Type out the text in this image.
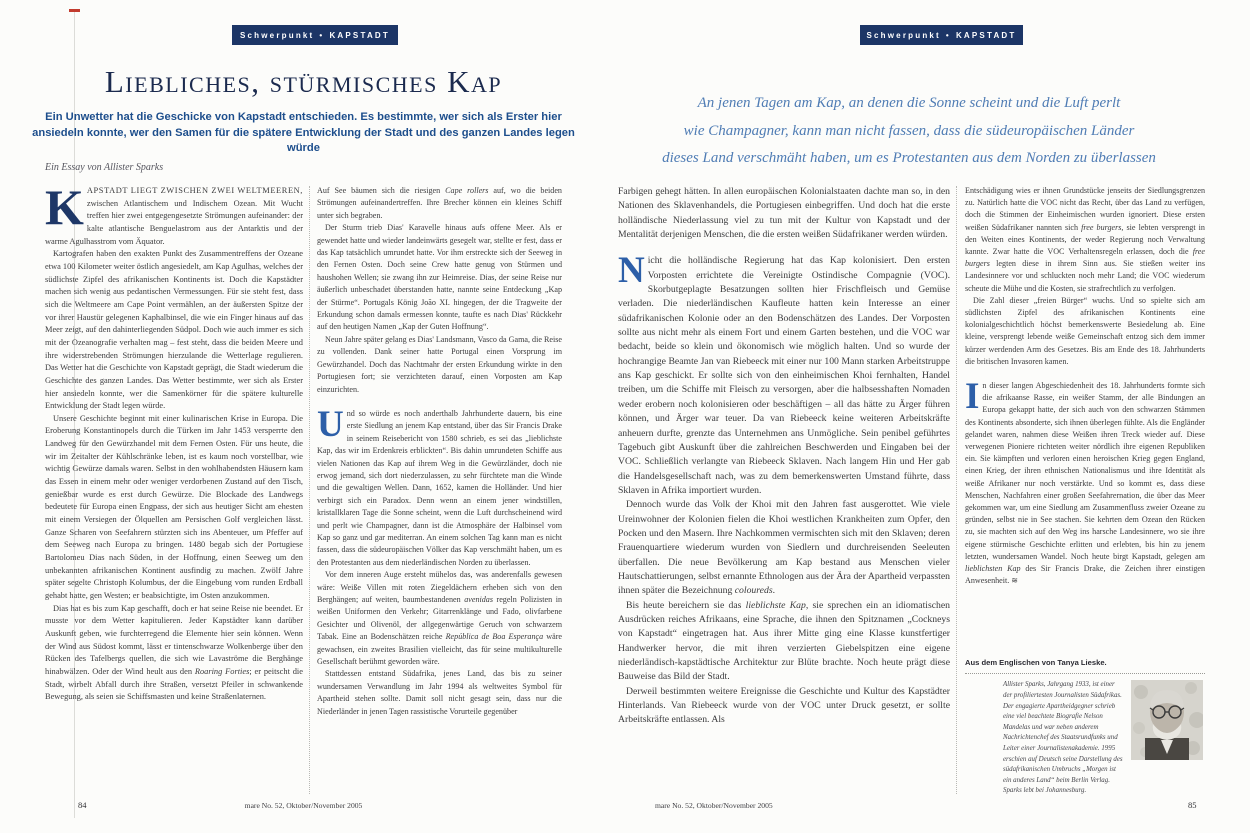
Schwerpunkt • KAPSTADT	Schwerpunkt • KAPSTADT
Liebliches, stürmisches Kap
Ein Unwetter hat die Geschicke von Kapstadt entschieden. Es bestimmte, wer sich als Erster hier
ansiedeln konnte, wer den Samen für die spätere Entwicklung der Stadt und des ganzen Landes legen
würde
Ein Essay von Allister Sparks
An jenen Tagen am Kap, an denen die Sonne scheint und die Luft perlt
wie Champagner, kann man nicht fassen, dass die südeuropäischen Länder
dieses Land verschmäht haben, um es Protestanten aus dem Norden zu überlassen

KAPSTADT LIEGT ZWISCHEN ZWEI WELTMEEREN, zwischen Atlantischem und Indischem Ozean. Mit Wucht treffen hier zwei entgegengesetzte Strömungen aufeinander: der kalte atlantische Benguelastrom aus der Antarktis und der warme Agulhasstrom vom Äquator.

Kartografen haben den exakten Punkt des Zusammentreffens der Ozeane etwa 100 Kilometer weiter östlich angesiedelt, am Kap Agulhas, welches der südlichste Zipfel des afrikanischen Kontinents ist. Doch die Kapstädter machen sich wenig aus pedantischen Vermessungen. Für sie steht fest, dass sich die Weltmeere am Cape Point vermählen, an der äußersten Spitze der vor ihrer Haustür gelegenen Kaphalbinsel, die wie ein Finger hinaus auf das Meer zeigt, auf den dahinterliegenden Südpol. Doch wie auch immer es sich mit der Ozeanografie verhalten mag – fest steht, dass die beiden Meere und ihre widerstrebenden Strömungen hierzulande die Wetterlage regulieren. Das Wetter hat die Geschichte von Kapstadt geprägt, die Stadt wiederum die Geschichte des ganzen Landes. Das Wetter bestimmte, wer sich als Erster hier ansiedeln konnte, wer die Samenkörner für die spätere kulturelle Entwicklung der Stadt legen würde.

Unsere Geschichte beginnt mit einer kulinarischen Krise in Europa. Die Eroberung Konstantinopels durch die Türken im Jahr 1453 versperrte den Landweg für den Gewürzhandel mit dem Fernen Osten. Für uns heute, die wir im Zeitalter der Kühlschränke leben, ist es kaum noch vorstellbar, wie wichtig Gewürze damals waren. Selbst in den wohlhabendsten Häusern kam das Essen in einem mehr oder weniger verdorbenen Zustand auf den Tisch, genießbar wurde es erst durch Gewürze. Die Blockade des Landwegs bedeutete für Europa einen Engpass, der sich aus heutiger Sicht am ehesten mit einem Versiegen der Ölquellen am Persischen Golf vergleichen lässt. Ganze Scharen von Seefahrern stürzten sich ins Abenteuer, um Pfeffer auf dem Seeweg nach Europa zu bringen. 1480 begab sich der Portugiese Bartolomeu Dias nach Süden, in der Hoffnung, einen Seeweg um den unbekannten afrikanischen Kontinent ausfindig zu machen. Zwölf Jahre später segelte Christoph Kolumbus, der die Eingebung vom runden Erdball gehabt hatte, gen Westen; er beabsichtigte, im Osten anzukommen.

Dias hat es bis zum Kap geschafft, doch er hat seine Reise nie beendet. Er musste vor dem Wetter kapitulieren. Jeder Kapstädter kann darüber Auskunft geben, wie furchterregend die Elemente hier sein können. Wenn der Wind aus Südost kommt, lässt er tintenschwarze Wolkenberge über den Rücken des Tafelbergs quellen, die sich wie Lavaströme die Berghänge hinabwälzen. Oder der Wind heult aus den Roaring Forties; er peitscht die Stadt, wirbelt Abfall durch ihre Straßen, versetzt Pfeiler in schwankende Bewegung, als seien sie Schiffsmasten und keine Straßenlaternen.

Auf See bäumen sich die riesigen Cape rollers auf, wo die beiden Strömungen aufeinandertreffen. Ihre Brecher können ein kleines Schiff unter sich begraben.

Der Sturm trieb Dias' Karavelle hinaus aufs offene Meer. Als er gewendet hatte und wieder landeinwärts gesegelt war, stellte er fest, dass er das Kap tatsächlich umrundet hatte. Vor ihm erstreckte sich der Seeweg in den Fernen Osten. Doch seine Crew hatte genug von Stürmen und haushohen Wellen; sie zwang ihn zur Heimreise. Dias, der seine Reise nur äußerlich unbeschadet überstanden hatte, nannte seine Entdeckung „Kap der Stürme“. Portugals König João XI. hingegen, der die Tragweite der Erkundung schon damals ermessen konnte, taufte es nach Dias' Rückkehr auf den heutigen Namen „Kap der Guten Hoffnung“.

Neun Jahre später gelang es Dias' Landsmann, Vasco da Gama, die Reise zu vollenden. Dank seiner hatte Portugal einen Vorsprung im Gewürzhandel. Doch das Nachtmahr der ersten Erkundung wirkte in den Portugiesen fort; sie verzichteten darauf, einen Vorposten am Kap einzurichten.

Und so würde es noch anderthalb Jahrhunderte dauern, bis eine erste Siedlung an jenem Kap entstand, über das Sir Francis Drake in seinem Reisebericht von 1580 schrieb, es sei das „lieblichste Kap, das wir im Erdenkreis erblickten“. Bis dahin umrundeten Schiffe aus vielen Nationen das Kap auf ihrem Weg in die Gewürzländer, doch nie erwog jemand, sich dort niederzulassen, zu sehr fürchtete man die Winde und die gewaltigen Wellen. Dann, 1652, kamen die Holländer. Und hier verbirgt sich ein Paradox. Denn wenn an einem jener windstillen, kristallklaren Tage die Sonne scheint, wenn die Luft durchscheinend wird und perlt wie Champagner, dann ist die Atmosphäre der Halbinsel vom Kap so ganz und gar mediterran. An einem solchen Tag kann man es nicht fassen, dass die südeuropäischen Völker das Kap verschmäht haben, um es den Protestanten aus dem niederländischen Norden zu überlassen.

Vor dem inneren Auge ersteht mühelos das, was anderenfalls gewesen wäre: Weiße Villen mit roten Ziegeldächern erheben sich von den Berghängen; auf weiten, baumbestandenen avenidas regeln Polizisten in weißen Uniformen den Verkehr; Gitarrenklänge und Fado, olivfarbene Gesichter und Olivenöl, der allgegenwärtige Geruch von schwarzem Tabak. Eine an Bodenschätzen reiche República de Boa Esperança wäre gewachsen, ein zweites Brasilien vielleicht, das für seine multikulturelle Gesellschaft berühmt geworden wäre.

Stattdessen entstand Südafrika, jenes Land, das bis zu seiner wundersamen Verwandlung im Jahr 1994 als weltweites Symbol für Apartheid stehen sollte. Damit soll nicht gesagt sein, dass nur die Niederländer in jenen Tagen rassistische Vorurteile gegenüber

Farbigen gehegt hätten. In allen europäischen Kolonialstaaten dachte man so, in den Nationen des Sklavenhandels, die Portugiesen einbegriffen. Und doch hat die erste holländische Niederlassung viel zu tun mit der Kultur von Kapstadt und der Mentalität derjenigen Menschen, die die ersten weißen Südafrikaner werden würden.

Nicht die holländische Regierung hat das Kap kolonisiert. Den ersten Vorposten errichtete die Vereinigte Ostindische Compagnie (VOC). Skorbutgeplagte Besatzungen sollten hier Frischfleisch und Gemüse verladen. Die niederländischen Kaufleute hatten kein Interesse an einer südafrikanischen Kolonie oder an den Bodenschätzen des Landes. Der Vorposten sollte aus nicht mehr als einem Fort und einem Garten bestehen, und die VOC war bedacht, beide so klein und ökonomisch wie möglich halten. Und so wurde der hochrangige Beamte Jan van Riebeeck mit einer nur 100 Mann starken Arbeitstruppe ans Kap geschickt. Er sollte sich von den einheimischen Khoi fernhalten, Handel treiben, um die Schiffe mit Fleisch zu versorgen, aber die halbsesshaften Nomaden weder erobern noch kolonisieren oder beschäftigen – all das hätte zu Ärger führen können, und Ärger war teuer. Da van Riebeeck keine weiteren Arbeitskräfte anheuern durfte, grenzte das Unternehmen ans Unmögliche. Sein penibel geführtes Tagebuch gibt Auskunft über die zahlreichen Beschwerden und Eingaben bei der VOC. Schließlich verlangte van Riebeeck Sklaven. Nach langem Hin und Her gab die Handelsgesellschaft nach, was zu dem bemerkenswerten Umstand führte, dass Sklaven in Afrika importiert wurden.

Dennoch wurde das Volk der Khoi mit den Jahren fast ausgerottet. Wie viele Ureinwohner der Kolonien fielen die Khoi westlichen Krankheiten zum Opfer, den Pocken und den Masern. Ihre Nachkommen vermischten sich mit den Sklaven; deren Frauenquartiere wiederum wurden von Siedlern und durchreisenden Seeleuten überfallen. Die neue Bevölkerung am Kap bestand aus Menschen vieler Hautschattierungen, selbst ernannte Ethnologen aus der Ära der Apartheid verpassten ihnen später die Bezeichnung coloureds.

Bis heute bereichern sie das lieblichste Kap, sie sprechen ein an idiomatischen Ausdrücken reiches Afrikaans, eine Sprache, die ihnen den Spitznamen „Cockneys von Kapstadt“ eingetragen hat. Aus ihrer Mitte ging eine Klasse kunstfertiger Handwerker hervor, die mit ihren verzierten Giebelspitzen eine eigene niederländisch-kapstädtische Architektur zur Blüte brachte. Noch heute prägt diese Bauweise das Bild der Stadt.

Derweil bestimmten weitere Ereignisse die Geschichte und Kultur des Kapstädter Hinterlands. Van Riebeeck wurde von der VOC unter Druck gesetzt, er sollte Arbeitskräfte entlassen. Als

Entschädigung wies er ihnen Grundstücke jenseits der Siedlungsgrenzen zu. Natürlich hatte die VOC nicht das Recht, über das Land zu verfügen, doch die Stimmen der Einheimischen wurden ignoriert. Diese ersten weißen Südafrikaner nannten sich free burgers, sie lebten versprengt in den Weiten eines Kontinents, der weder Regierung noch Verwaltung kannte. Zwar hatte die VOC Verhaltensregeln erlassen, doch die free burgers legten diese in ihrem Sinn aus. Sie stießen weiter ins Landesinnere vor und schluckten noch mehr Land; die VOC wiederum scheute die Mühe und die Kosten, sie strafrechtlich zu verfolgen.

Die Zahl dieser „freien Bürger“ wuchs. Und so spielte sich am südlichsten Zipfel des afrikanischen Kontinents eine kolonialgeschichtlich höchst bemerkenswerte Besiedelung ab. Eine kleine, versprengt lebende weiße Gemeinschaft entzog sich dem immer kürzer werdenden Arm des Gesetzes. Bis am Ende des 18. Jahrhunderts die britischen Invasoren kamen.

In dieser langen Abgeschiedenheit des 18. Jahrhunderts formte sich die afrikaanse Rasse, ein weißer Stamm, der alle Bindungen an Europa gekappt hatte, der sich auch von den schwarzen Stämmen des Kontinents absonderte, sich ihnen überlegen fühlte. Als die Engländer gelandet waren, nahmen diese Weißen ihren Treck wieder auf. Diese verwegenen Pioniere richteten weiter nördlich ihre eigenen Republiken ein. Sie kämpften und verloren einen heroischen Krieg gegen England, einen Krieg, der ihren ethnischen Nationalismus und ihre Identität als weiße Afrikaner nur noch verstärkte. Und so kommt es, dass diese Menschen, Nachfahren einer großen Seefahrernation, die über das Meer gekommen war, um eine Siedlung am Zusammenfluss zweier Ozeane zu gründen, selbst nie in See stachen. Sie kehrten dem Ozean den Rücken zu, sie machten sich auf den Weg ins harsche Landesinnere, wo sie ihre eigene stürmische Geschichte erlitten und erlebten, bis hin zu jenem letzten, wundersamen Wandel. Noch heute birgt Kapstadt, gelegen am lieblichsten Kap des Sir Francis Drake, die Zeichen ihrer einstigen Anwesenheit. ≋

Aus dem Englischen von Tanya Lieske.

Allister Sparks, Jahrgang 1933, ist einer der profiliertesten Journalisten Südafrikas. Der engagierte Apartheidgegner schrieb eine viel beachtete Biografie Nelson Mandelas und war neben anderem Nachrichtenchef des Staatsrundfunks und Leiter einer Journalistenakademie. 1995 erschien auf Deutsch seine Darstellung des südafrikanischen Umbruchs „Morgen ist ein anderes Land“ beim Berlin Verlag. Sparks lebt bei Johannesburg.
84	mare No. 52, Oktober/November 2005	mare No. 52, Oktober/November 2005	85
